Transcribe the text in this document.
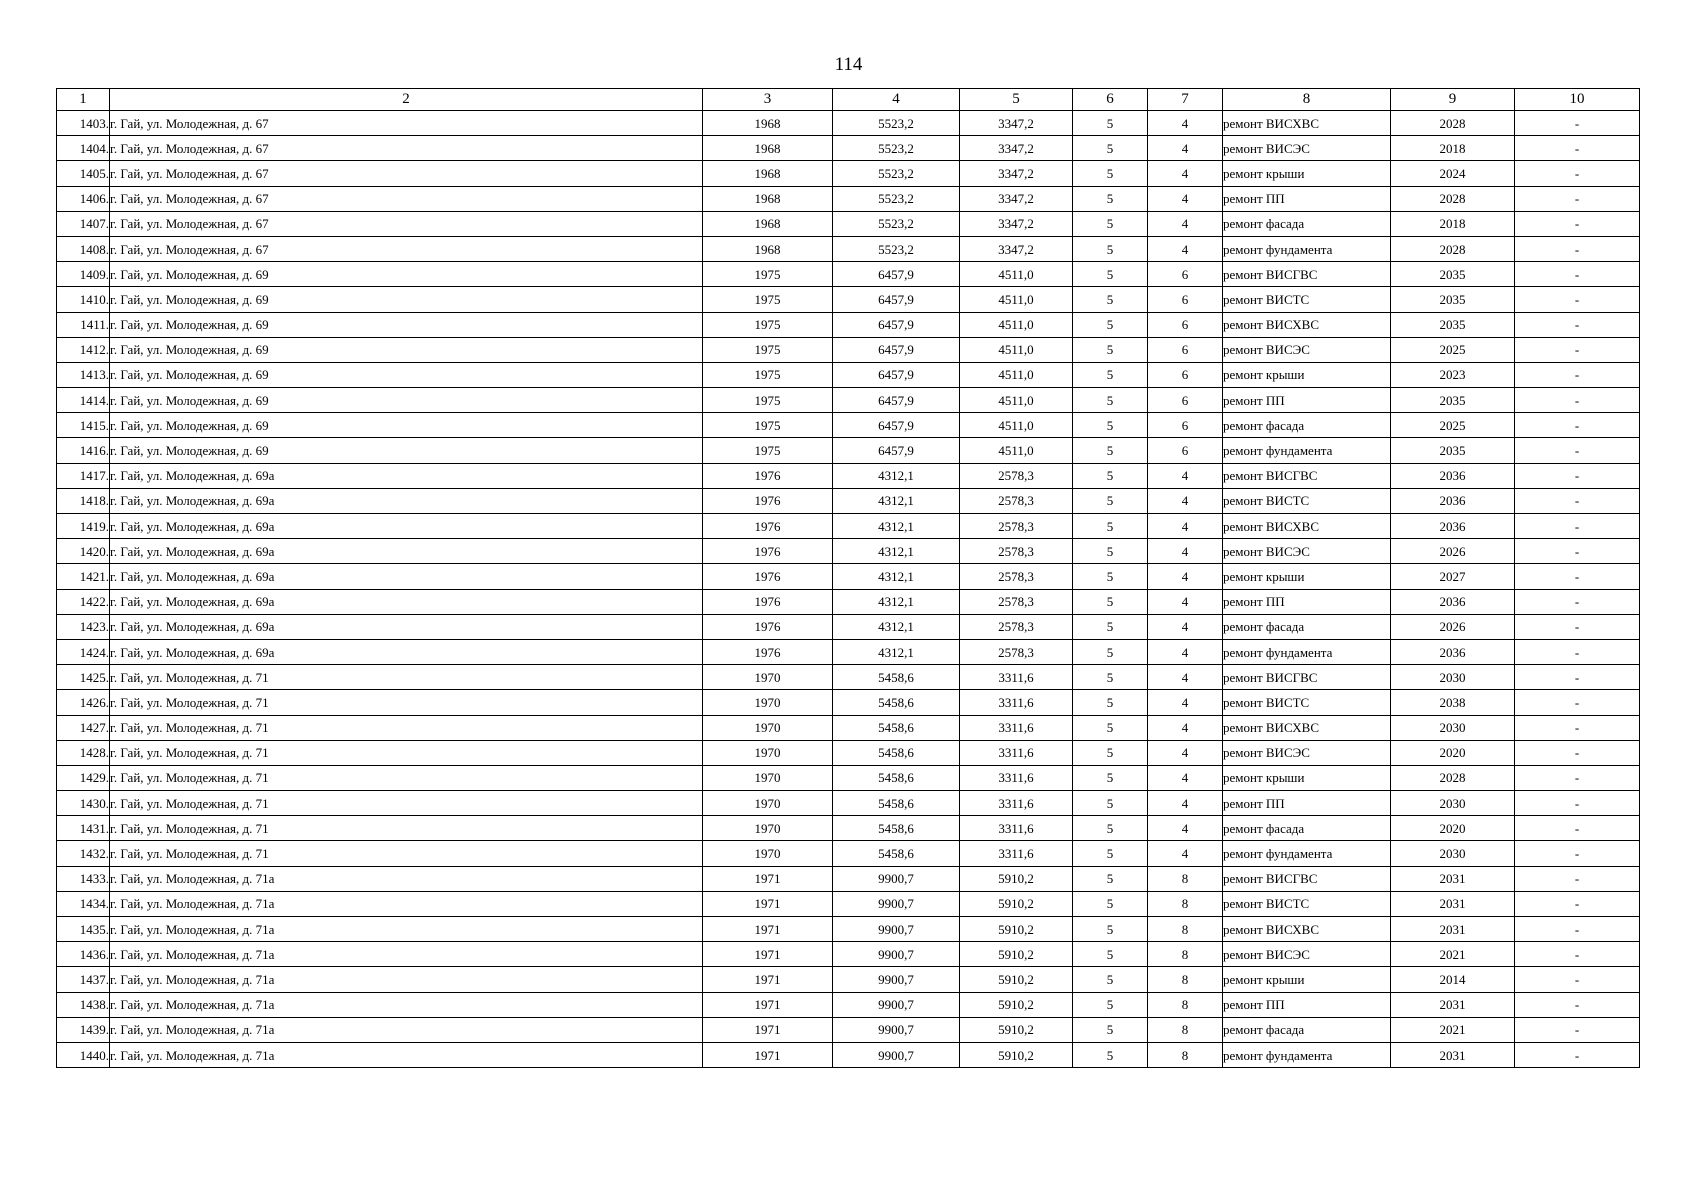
114
1	2	3	4	5	6	7	8	9	10
1403.	г. Гай, ул. Молодежная, д. 67	1968	5523,2	3347,2	5	4	ремонт ВИСХВС	2028	-
1404.	г. Гай, ул. Молодежная, д. 67	1968	5523,2	3347,2	5	4	ремонт ВИСЭС	2018	-
1405.	г. Гай, ул. Молодежная, д. 67	1968	5523,2	3347,2	5	4	ремонт крыши	2024	-
1406.	г. Гай, ул. Молодежная, д. 67	1968	5523,2	3347,2	5	4	ремонт ПП	2028	-
1407.	г. Гай, ул. Молодежная, д. 67	1968	5523,2	3347,2	5	4	ремонт фасада	2018	-
1408.	г. Гай, ул. Молодежная, д. 67	1968	5523,2	3347,2	5	4	ремонт фундамента	2028	-
1409.	г. Гай, ул. Молодежная, д. 69	1975	6457,9	4511,0	5	6	ремонт ВИСГВС	2035	-
1410.	г. Гай, ул. Молодежная, д. 69	1975	6457,9	4511,0	5	6	ремонт ВИСТС	2035	-
1411.	г. Гай, ул. Молодежная, д. 69	1975	6457,9	4511,0	5	6	ремонт ВИСХВС	2035	-
1412.	г. Гай, ул. Молодежная, д. 69	1975	6457,9	4511,0	5	6	ремонт ВИСЭС	2025	-
1413.	г. Гай, ул. Молодежная, д. 69	1975	6457,9	4511,0	5	6	ремонт крыши	2023	-
1414.	г. Гай, ул. Молодежная, д. 69	1975	6457,9	4511,0	5	6	ремонт ПП	2035	-
1415.	г. Гай, ул. Молодежная, д. 69	1975	6457,9	4511,0	5	6	ремонт фасада	2025	-
1416.	г. Гай, ул. Молодежная, д. 69	1975	6457,9	4511,0	5	6	ремонт фундамента	2035	-
1417.	г. Гай, ул. Молодежная, д. 69а	1976	4312,1	2578,3	5	4	ремонт ВИСГВС	2036	-
1418.	г. Гай, ул. Молодежная, д. 69а	1976	4312,1	2578,3	5	4	ремонт ВИСТС	2036	-
1419.	г. Гай, ул. Молодежная, д. 69а	1976	4312,1	2578,3	5	4	ремонт ВИСХВС	2036	-
1420.	г. Гай, ул. Молодежная, д. 69а	1976	4312,1	2578,3	5	4	ремонт ВИСЭС	2026	-
1421.	г. Гай, ул. Молодежная, д. 69а	1976	4312,1	2578,3	5	4	ремонт крыши	2027	-
1422.	г. Гай, ул. Молодежная, д. 69а	1976	4312,1	2578,3	5	4	ремонт ПП	2036	-
1423.	г. Гай, ул. Молодежная, д. 69а	1976	4312,1	2578,3	5	4	ремонт фасада	2026	-
1424.	г. Гай, ул. Молодежная, д. 69а	1976	4312,1	2578,3	5	4	ремонт фундамента	2036	-
1425.	г. Гай, ул. Молодежная, д. 71	1970	5458,6	3311,6	5	4	ремонт ВИСГВС	2030	-
1426.	г. Гай, ул. Молодежная, д. 71	1970	5458,6	3311,6	5	4	ремонт ВИСТС	2038	-
1427.	г. Гай, ул. Молодежная, д. 71	1970	5458,6	3311,6	5	4	ремонт ВИСХВС	2030	-
1428.	г. Гай, ул. Молодежная, д. 71	1970	5458,6	3311,6	5	4	ремонт ВИСЭС	2020	-
1429.	г. Гай, ул. Молодежная, д. 71	1970	5458,6	3311,6	5	4	ремонт крыши	2028	-
1430.	г. Гай, ул. Молодежная, д. 71	1970	5458,6	3311,6	5	4	ремонт ПП	2030	-
1431.	г. Гай, ул. Молодежная, д. 71	1970	5458,6	3311,6	5	4	ремонт фасада	2020	-
1432.	г. Гай, ул. Молодежная, д. 71	1970	5458,6	3311,6	5	4	ремонт фундамента	2030	-
1433.	г. Гай, ул. Молодежная, д. 71а	1971	9900,7	5910,2	5	8	ремонт ВИСГВС	2031	-
1434.	г. Гай, ул. Молодежная, д. 71а	1971	9900,7	5910,2	5	8	ремонт ВИСТС	2031	-
1435.	г. Гай, ул. Молодежная, д. 71а	1971	9900,7	5910,2	5	8	ремонт ВИСХВС	2031	-
1436.	г. Гай, ул. Молодежная, д. 71а	1971	9900,7	5910,2	5	8	ремонт ВИСЭС	2021	-
1437.	г. Гай, ул. Молодежная, д. 71а	1971	9900,7	5910,2	5	8	ремонт крыши	2014	-
1438.	г. Гай, ул. Молодежная, д. 71а	1971	9900,7	5910,2	5	8	ремонт ПП	2031	-
1439.	г. Гай, ул. Молодежная, д. 71а	1971	9900,7	5910,2	5	8	ремонт фасада	2021	-
1440.	г. Гай, ул. Молодежная, д. 71а	1971	9900,7	5910,2	5	8	ремонт фундамента	2031	-
